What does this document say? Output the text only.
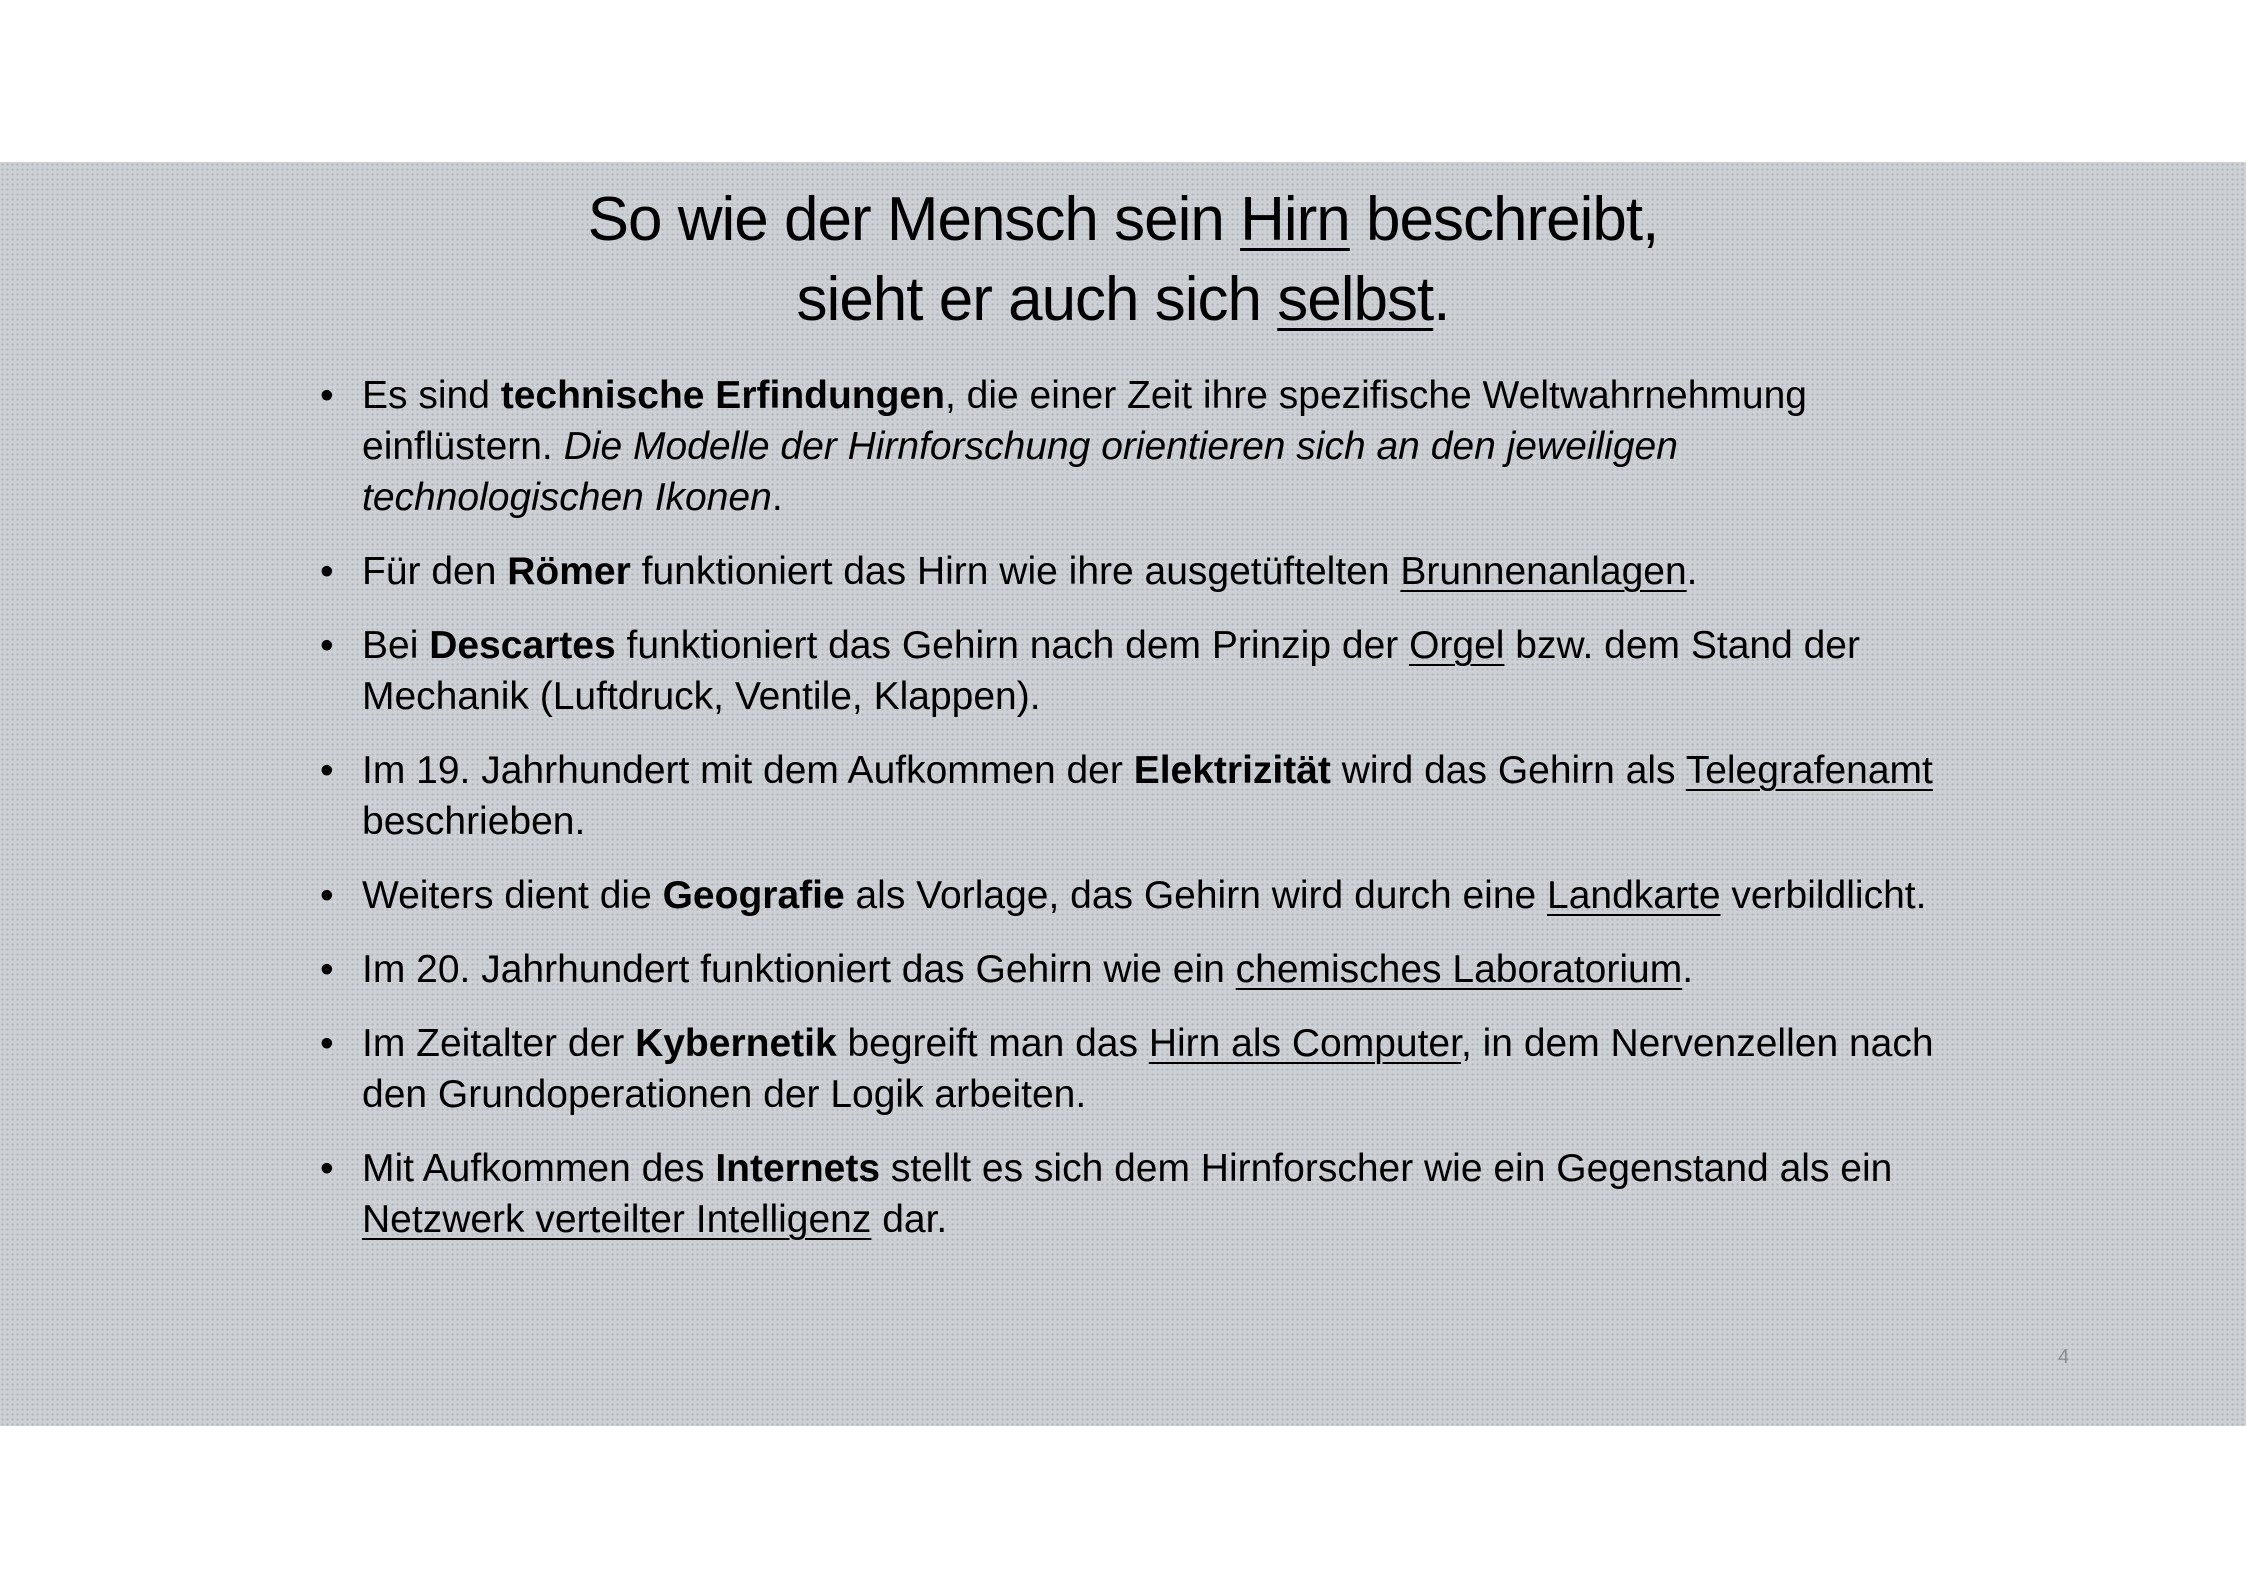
So wie der Mensch sein Hirn beschreibt,
sieht er auch sich selbst.
• Es sind technische Erfindungen, die einer Zeit ihre spezifische Weltwahrnehmung einflüstern. Die Modelle der Hirnforschung orientieren sich an den jeweiligen technologischen Ikonen.
• Für den Römer funktioniert das Hirn wie ihre ausgetüftelten Brunnenanlagen.
• Bei Descartes funktioniert das Gehirn nach dem Prinzip der Orgel bzw. dem Stand der Mechanik (Luftdruck, Ventile, Klappen).
• Im 19. Jahrhundert mit dem Aufkommen der Elektrizität wird das Gehirn als Telegrafenamt beschrieben.
• Weiters dient die Geografie als Vorlage, das Gehirn wird durch eine Landkarte verbildlicht.
• Im 20. Jahrhundert funktioniert das Gehirn wie ein chemisches Laboratorium.
• Im Zeitalter der Kybernetik begreift man das Hirn als Computer, in dem Nervenzellen nach den Grundoperationen der Logik arbeiten.
• Mit Aufkommen des Internets stellt es sich dem Hirnforscher wie ein Gegenstand als ein Netzwerk verteilter Intelligenz dar.
4
